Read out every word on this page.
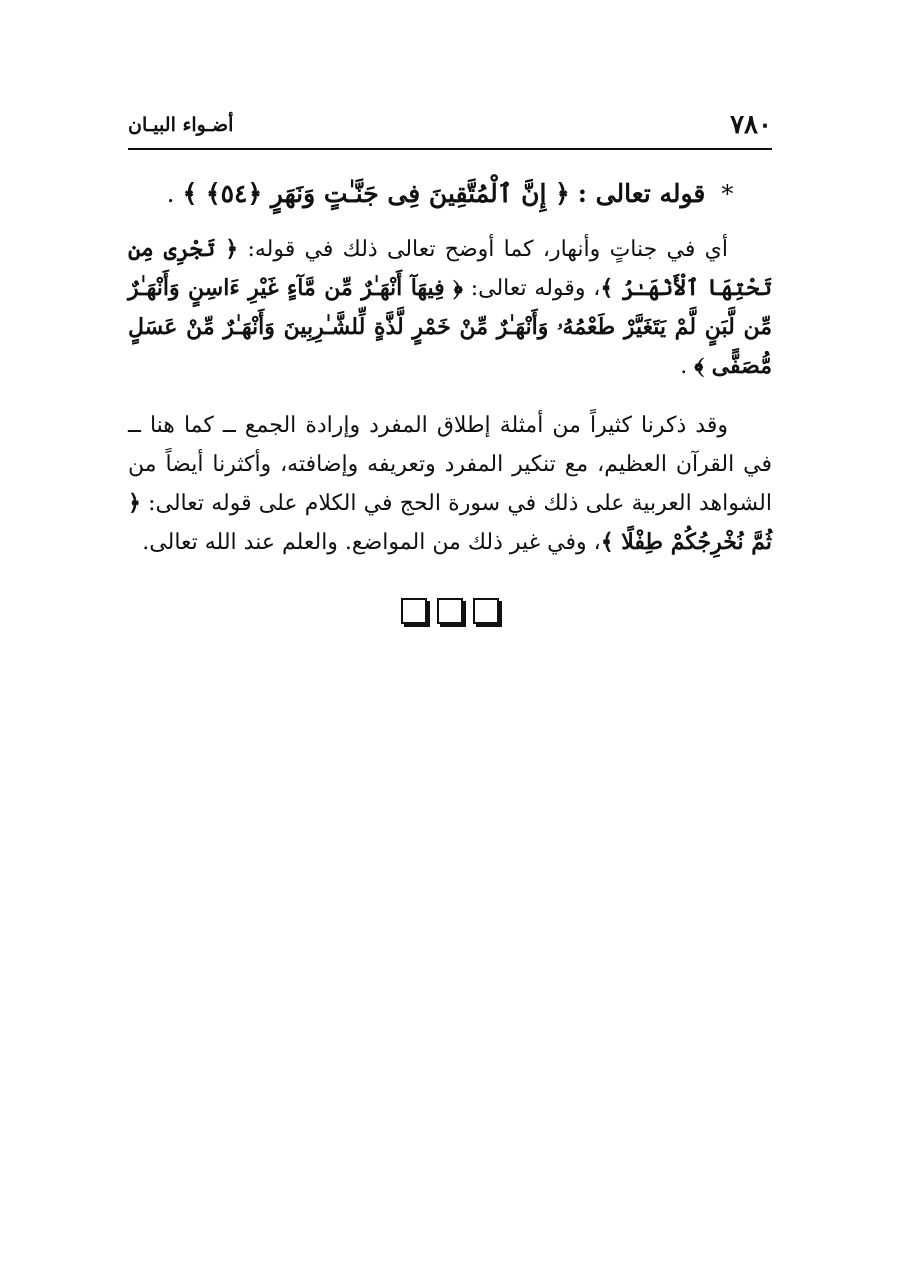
٧٨٠
أضـواء البيـان
* قوله تعالى : ﴿ إِنَّ ٱلْمُتَّقِينَ فِى جَنَّـٰتٍ وَنَهَرٍ ﴿٥٤﴾ ﴾ .

أي في جناتٍ وأنهار، كما أوضح تعالى ذلك في قوله: ﴿ تَجْرِى مِن تَحْتِهَا ٱلْأَنْهَـٰرُ ﴾، وقوله تعالى: ﴿ فِيهَآ أَنْهَـٰرٌ مِّن مَّآءٍ غَيْرِ ءَاسِنٍ وَأَنْهَـٰرٌ مِّن لَّبَنٍ لَّمْ يَتَغَيَّرْ طَعْمُهُۥ وَأَنْهَـٰرٌ مِّنْ خَمْرٍ لَّذَّةٍ لِّلشَّـٰرِبِينَ وَأَنْهَـٰرٌ مِّنْ عَسَلٍ مُّصَفًّى ﴾ .

وقد ذكرنا كثيراً من أمثلة إطلاق المفرد وإرادة الجمع ــ كما هنا ــ في القرآن العظيم، مع تنكير المفرد وتعريفه وإضافته، وأكثرنا أيضاً من الشواهد العربية على ذلك في سورة الحج في الكلام على قوله تعالى: ﴿ ثُمَّ نُخْرِجُكُمْ طِفْلًا ﴾، وفي غير ذلك من المواضع. والعلم عند الله تعالى.
